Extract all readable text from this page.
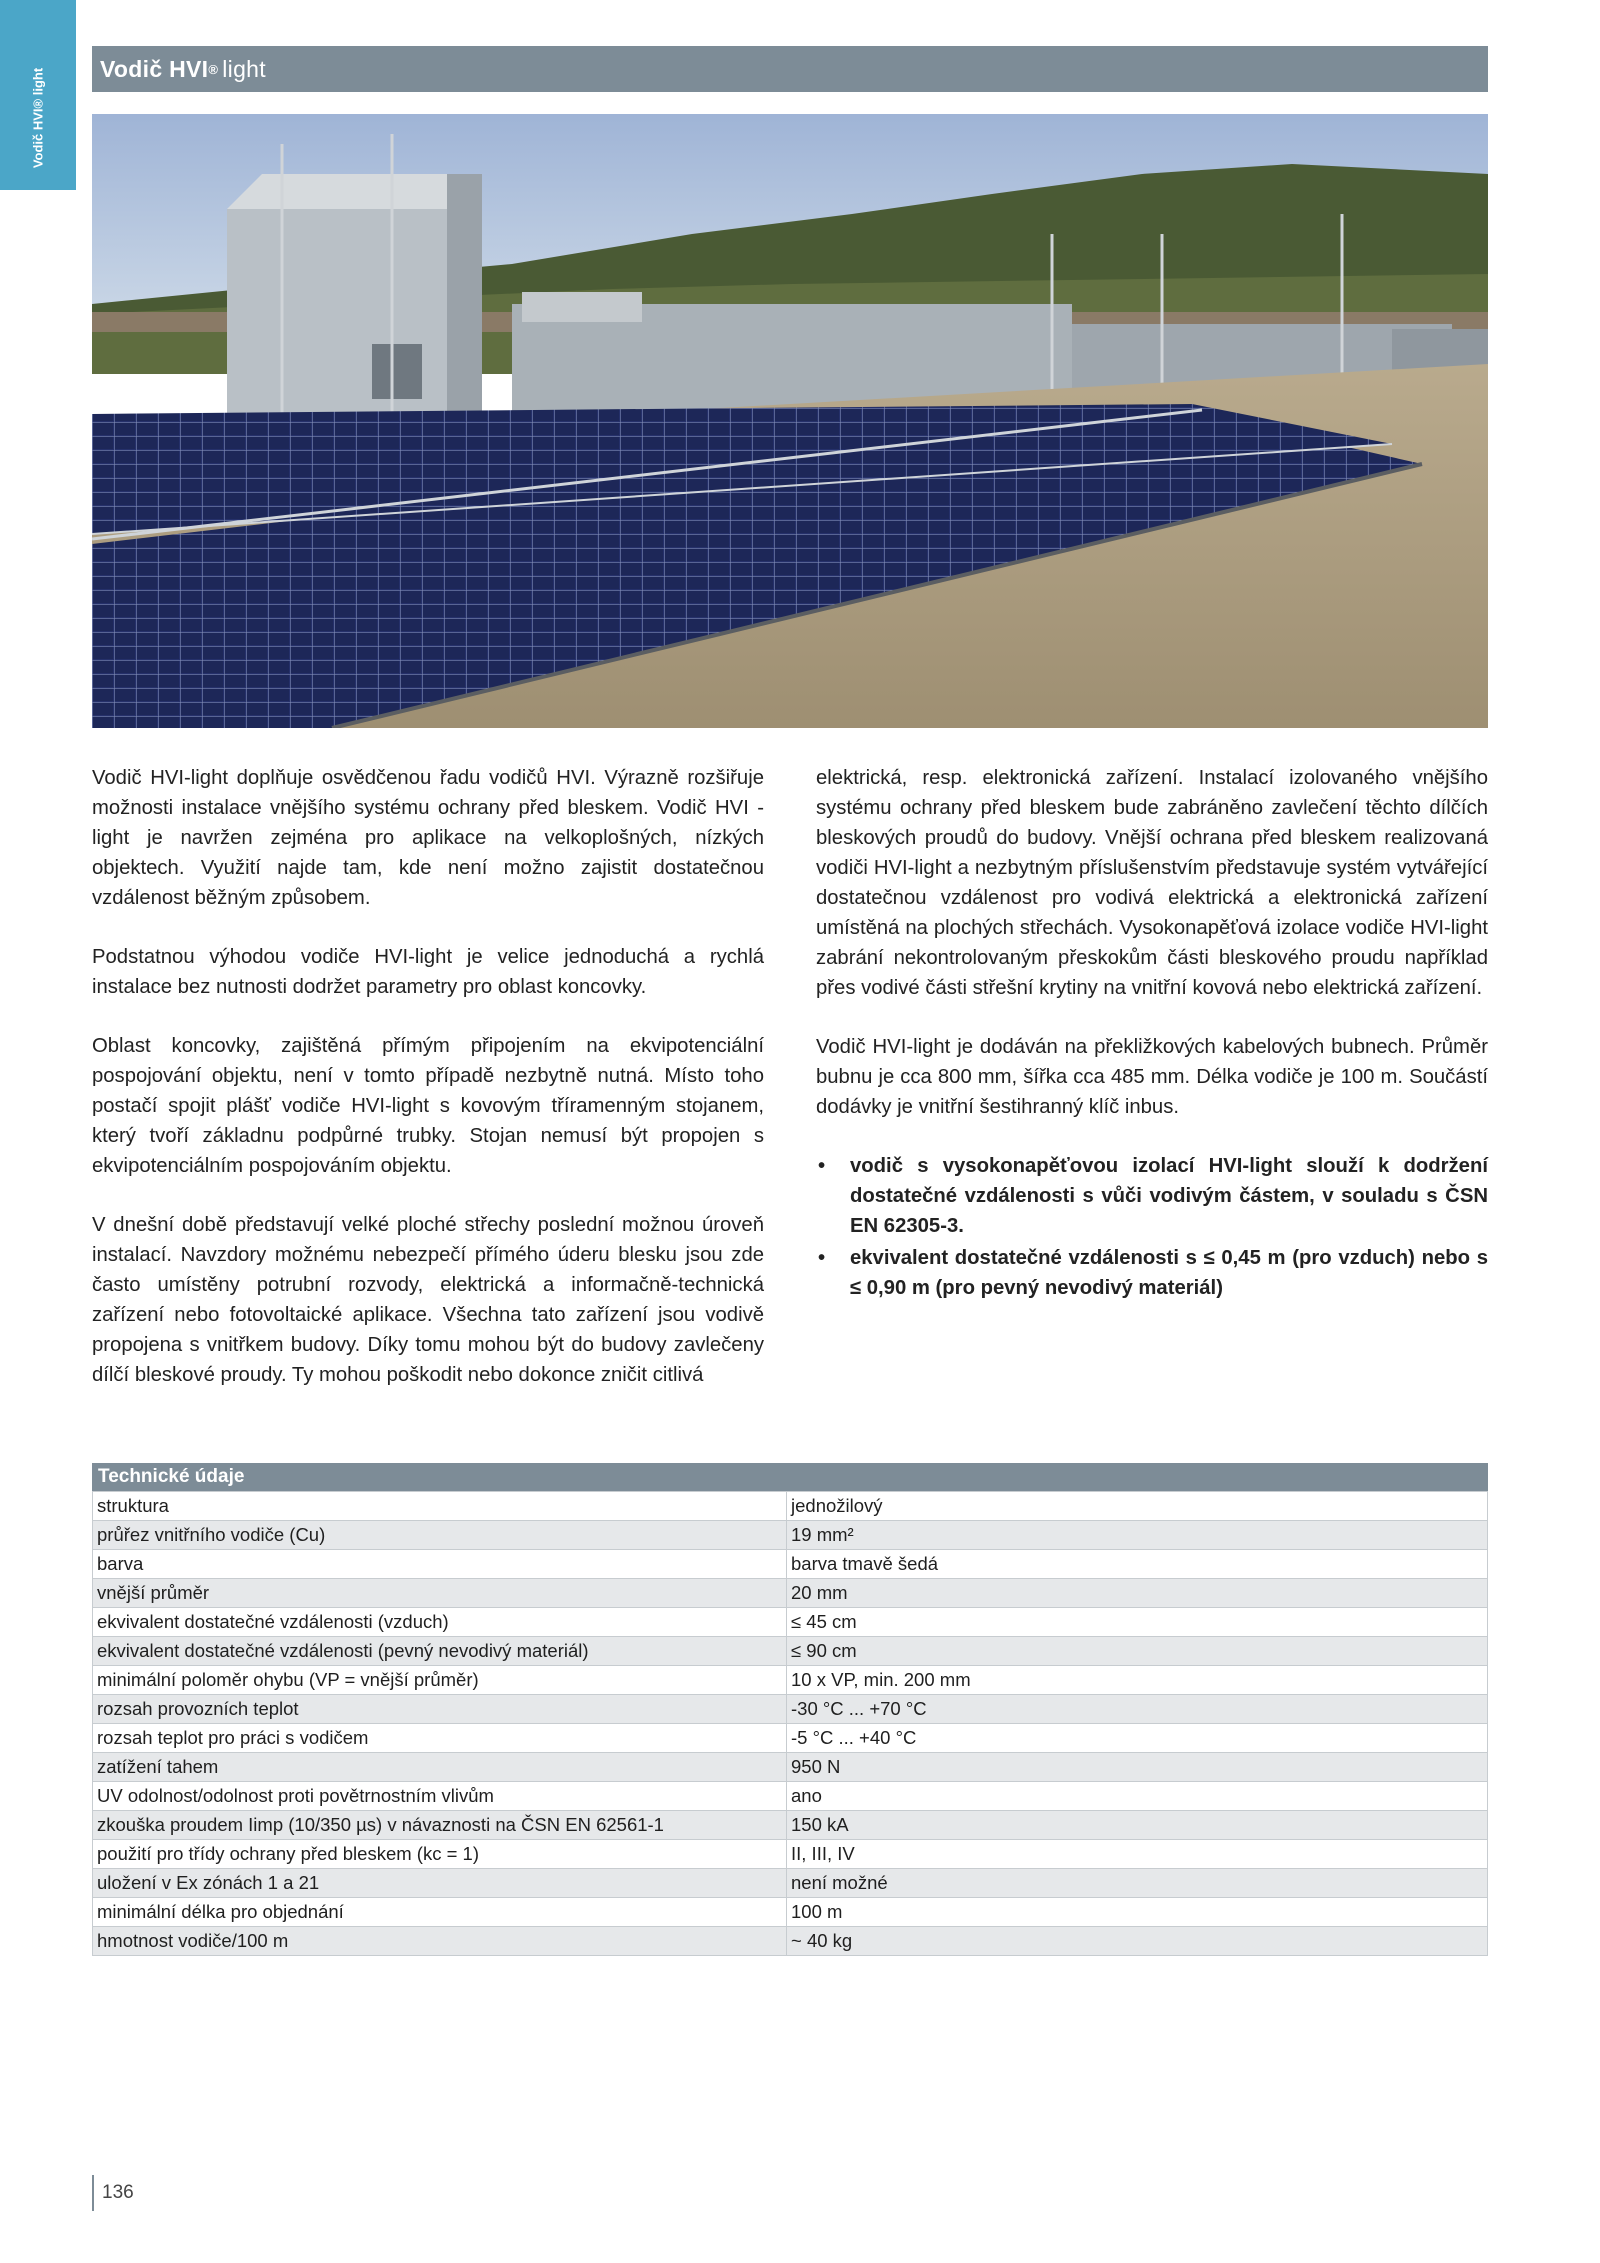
Vodič HVI® light Vodič HVI ® light

Vodič HVI-light doplňuje osvědčenou řadu vodičů HVI. Výrazně rozšiřuje možnosti instalace vnějšího systému ochrany před bleskem. Vodič HVI -light je navržen zejména pro aplikace na velkoplošných, nízkých objektech. Využití najde tam, kde není možno zajistit dostatečnou vzdálenost běžným způsobem.

Podstatnou výhodou vodiče HVI-light je velice jednoduchá a rychlá instalace bez nutnosti dodržet parametry pro oblast koncovky.

Oblast koncovky, zajištěná přímým připojením na ekvipotenciální pospojování objektu, není v tomto případě nezbytně nutná. Místo toho postačí spojit plášť vodiče HVI-light s kovovým tříramenným stojanem, který tvoří základnu podpůrné trubky. Stojan nemusí být propojen s ekvipotenciálním pospojováním objektu.

V dnešní době představují velké ploché střechy poslední možnou úroveň instalací. Navzdory možnému nebezpečí přímého úderu blesku jsou zde často umístěny potrubní rozvody, elektrická a informačně-technická zařízení nebo fotovoltaické aplikace. Všechna tato zařízení jsou vodivě propojena s vnitřkem budovy. Díky tomu mohou být do budovy zavlečeny dílčí bleskové proudy. Ty mohou poškodit nebo dokonce zničit citlivá

elektrická, resp. elektronická zařízení. Instalací izolovaného vnějšího systému ochrany před bleskem bude zabráněno zavlečení těchto dílčích bleskových proudů do budovy. Vnější ochrana před bleskem realizovaná vodiči HVI-light a nezbytným příslušenstvím představuje systém vytvářející dostatečnou vzdálenost pro vodivá elektrická a elektronická zařízení umístěná na plochých střechách. Vysokonapěťová izolace vodiče HVI-light zabrání nekontrolovaným přeskokům části bleskového proudu například přes vodivé části střešní krytiny na vnitřní kovová nebo elektrická zařízení.

Vodič HVI-light je dodáván na překližkových kabelových bubnech. Průměr bubnu je cca 800 mm, šířka cca 485 mm. Délka vodiče je 100 m. Součástí dodávky je vnitřní šestihranný klíč inbus.

• vodič s vysokonapěťovou izolací HVI-light slouží k dodržení dostatečné vzdálenosti s vůči vodivým částem, v souladu s ČSN EN 62305-3.
• ekvivalent dostatečné vzdálenosti s ≤ 0,45 m (pro vzduch) nebo s ≤ 0,90 m (pro pevný nevodivý materiál)
Technické údaje
struktura	jednožilový
průřez vnitřního vodiče (Cu)	19 mm²
barva	barva tmavě šedá
vnější průměr	20 mm
ekvivalent dostatečné vzdálenosti (vzduch)	≤ 45 cm
ekvivalent dostatečné vzdálenosti (pevný nevodivý materiál)	≤ 90 cm
minimální poloměr ohybu (VP = vnější průměr)	10 x VP, min. 200 mm
rozsah provozních teplot	-30 °C ... +70 °C
rozsah teplot pro práci s vodičem	-5 °C ... +40 °C
zatížení tahem	950 N
UV odolnost/odolnost proti povětrnostním vlivům	ano
zkouška proudem Iimp (10/350 µs) v návaznosti na ČSN EN 62561-1	150 kA
použití pro třídy ochrany před bleskem (kc = 1)	II, III, IV
uložení v Ex zónách 1 a 21	není možné
minimální délka pro objednání	100 m
hmotnost vodiče/100 m	~ 40 kg
136
